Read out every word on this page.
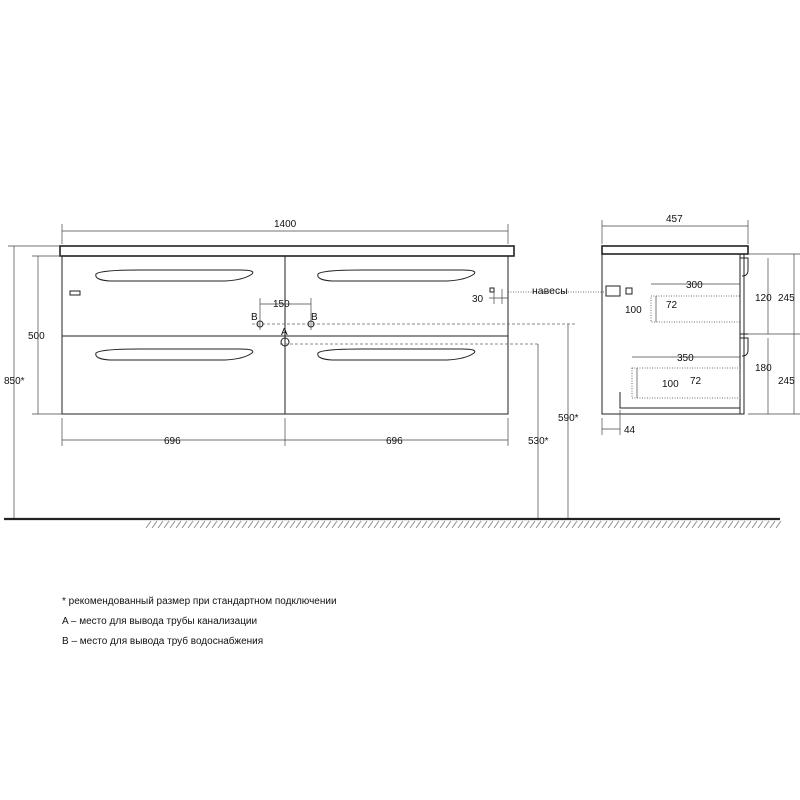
B
A
B
150
1400
696	696
500
850*
530*
590*
30
навесы	300
100 72
350
100 72
457
245
120
245
180
44
* рекомендованный размер при стандартном подключении
A – место для вывода трубы канализации
B – место для вывода труб водоснабжения
